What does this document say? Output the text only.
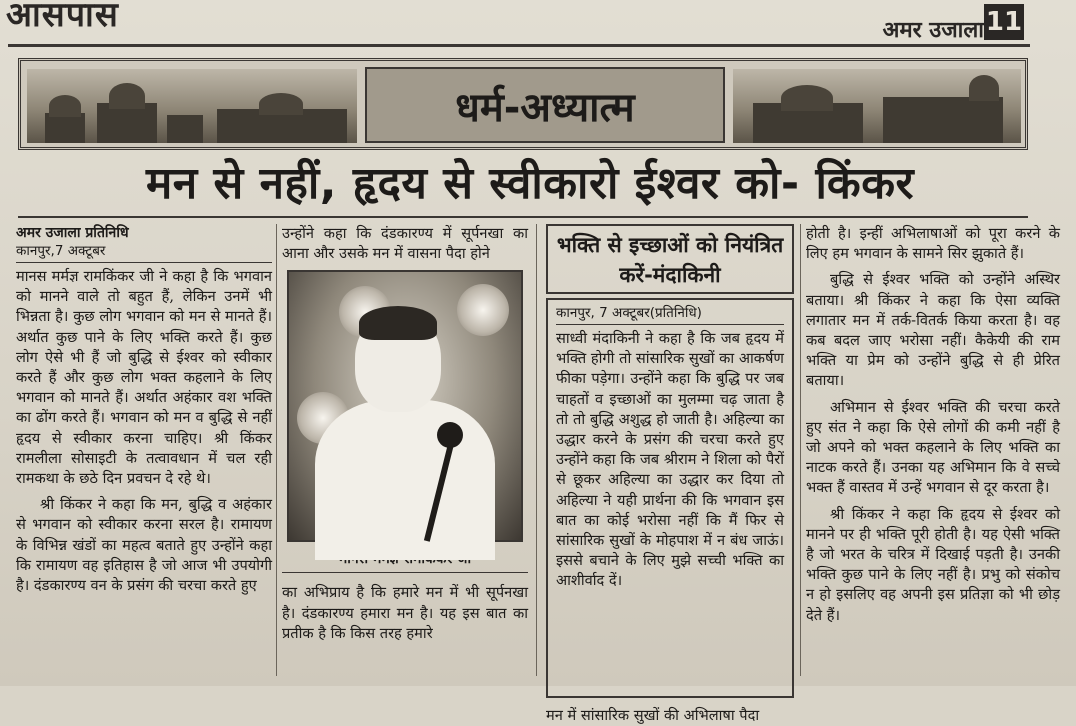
आसपास	अमर उजाला 11
धर्म-अध्यात्म
मन से नहीं, हृदय से स्वीकारो ईश्वर को- किंकर
अमर उजाला प्रतिनिधि
कानपुर,7 अक्टूबर

मानस मर्मज्ञ रामकिंकर जी ने कहा है कि भगवान को मानने वाले तो बहुत हैं, लेकिन उनमें भी भिन्नता है। कुछ लोग भगवान को मन से मानते हैं। अर्थात कुछ पाने के लिए भक्ति करते हैं। कुछ लोग ऐसे भी हैं जो बुद्धि से ईश्वर को स्वीकार करते हैं और कुछ लोग भक्त कहलाने के लिए भगवान को मानते हैं। अर्थात अहंकार वश भक्ति का ढोंग करते हैं। भगवान को मन व बुद्धि से नहीं हृदय से स्वीकार करना चाहिए। श्री किंकर रामलीला सोसाइटी के तत्वावधान में चल रही रामकथा के छठे दिन प्रवचन दे रहे थे।

श्री किंकर ने कहा कि मन, बुद्धि व अहंकार से भगवान को स्वीकार करना सरल है। रामायण के विभिन्न खंडों का महत्व बताते हुए उन्होंने कहा कि रामायण वह इतिहास है जो आज भी उपयोगी है। दंडकारण्य वन के प्रसंग की चरचा करते हुए

उन्होंने कहा कि दंडकारण्य में सूर्पनखा का आना और उसके मन में वासना पैदा होने

का अभिप्राय है कि हमारे मन में भी सूर्पनखा है। दंडकारण्य हमारा मन है। यह इस बात का प्रतीक है कि किस तरह हमारे

भक्ति से इच्छाओं को नियंत्रित करें-मंदाकिनी
कानपुर, 7 अक्टूबर(प्रतिनिधि)

साध्वी मंदाकिनी ने कहा है कि जब हृदय में भक्ति होगी तो सांसारिक सुखों का आकर्षण फीका पड़ेगा। उन्होंने कहा कि बुद्धि पर जब चाहतों व इच्छाओं का मुलम्मा चढ़ जाता है तो तो बुद्धि अशुद्ध हो जाती है। अहिल्या का उद्धार करने के प्रसंग की चरचा करते हुए उन्होंने कहा कि जब श्रीराम ने शिला को पैरों से छूकर अहिल्या का उद्धार कर दिया तो अहिल्या ने यही प्रार्थना की कि भगवान इस बात का कोई भरोसा नहीं कि मैं फिर से सांसारिक सुखों के मोहपाश में न बंध जाऊं। इससे बचाने के लिए मुझे सच्ची भक्ति का आशीर्वाद दें।

मन में सांसारिक सुखों की अभिलाषा पैदा

होती है। इन्हीं अभिलाषाओं को पूरा करने के लिए हम भगवान के सामने सिर झुकाते हैं।

बुद्धि से ईश्वर भक्ति को उन्होंने अस्थिर बताया। श्री किंकर ने कहा कि ऐसा व्यक्ति लगातार मन में तर्क-वितर्क किया करता है। वह कब बदल जाए भरोसा नहीं। कैकेयी की राम भक्ति या प्रेम को उन्होंने बुद्धि से ही प्रेरित बताया।

अभिमान से ईश्वर भक्ति की चरचा करते हुए संत ने कहा कि ऐसे लोगों की कमी नहीं है जो अपने को भक्त कहलाने के लिए भक्ति का नाटक करते हैं। उनका यह अभिमान कि वे सच्चे भक्त हैं वास्तव में उन्हें भगवान से दूर करता है।

श्री किंकर ने कहा कि हृदय से ईश्वर को मानने पर ही भक्ति पूरी होती है। यह ऐसी भक्ति है जो भरत के चरित्र में दिखाई पड़ती है। उनकी भक्ति कुछ पाने के लिए नहीं है। प्रभु को संकोच न हो इसलिए वह अपनी इस प्रतिज्ञा को भी छोड़ देते हैं।
